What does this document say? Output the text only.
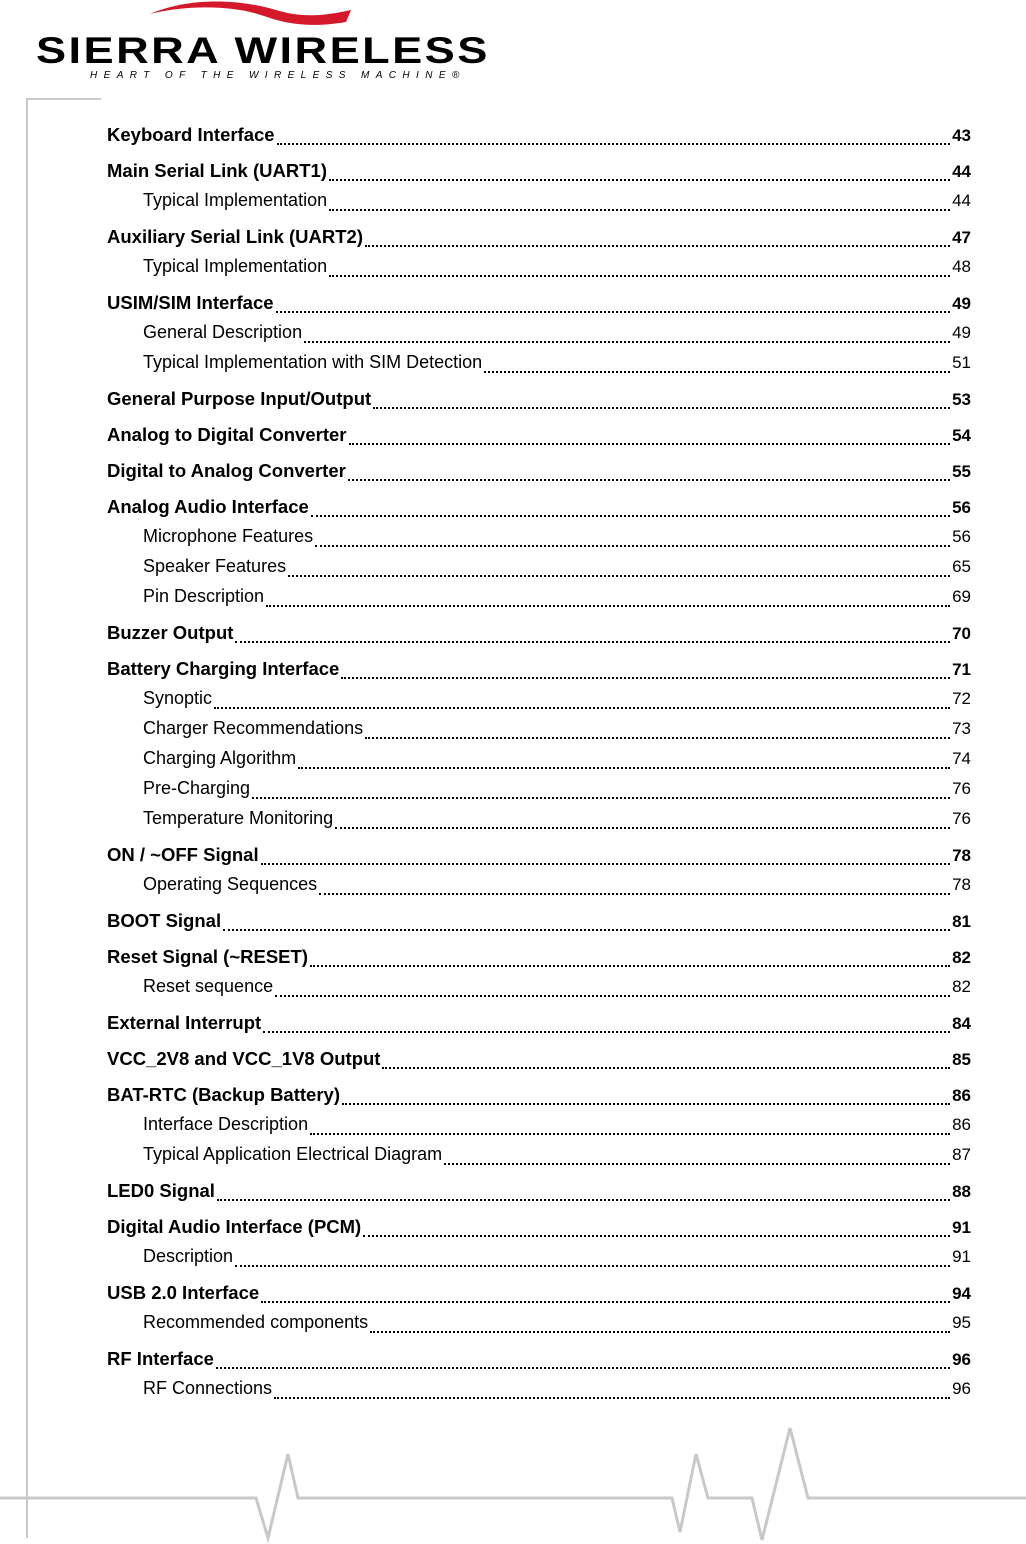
SIERRA WIRELESS
HEART OF THE WIRELESS MACHINE®
Keyboard Interface	43
Main Serial Link (UART1)	44
Typical Implementation	44
Auxiliary Serial Link (UART2)	47
Typical Implementation	48
USIM/SIM Interface	49
General Description	49
Typical Implementation with SIM Detection	51
General Purpose Input/Output	53
Analog to Digital Converter	54
Digital to Analog Converter	55
Analog Audio Interface	56
Microphone Features	56
Speaker Features	65
Pin Description	69
Buzzer Output	70
Battery Charging Interface	71
Synoptic	72
Charger Recommendations	73
Charging Algorithm	74
Pre-Charging	76
Temperature Monitoring	76
ON / ~OFF Signal	78
Operating Sequences	78
BOOT Signal	81
Reset Signal (~RESET)	82
Reset sequence	82
External Interrupt	84
VCC_2V8 and VCC_1V8 Output	85
BAT-RTC (Backup Battery)	86
Interface Description	86
Typical Application Electrical Diagram	87
LED0 Signal	88
Digital Audio Interface (PCM)	91
Description	91
USB 2.0 Interface	94
Recommended components	95
RF Interface	96
RF Connections	96
